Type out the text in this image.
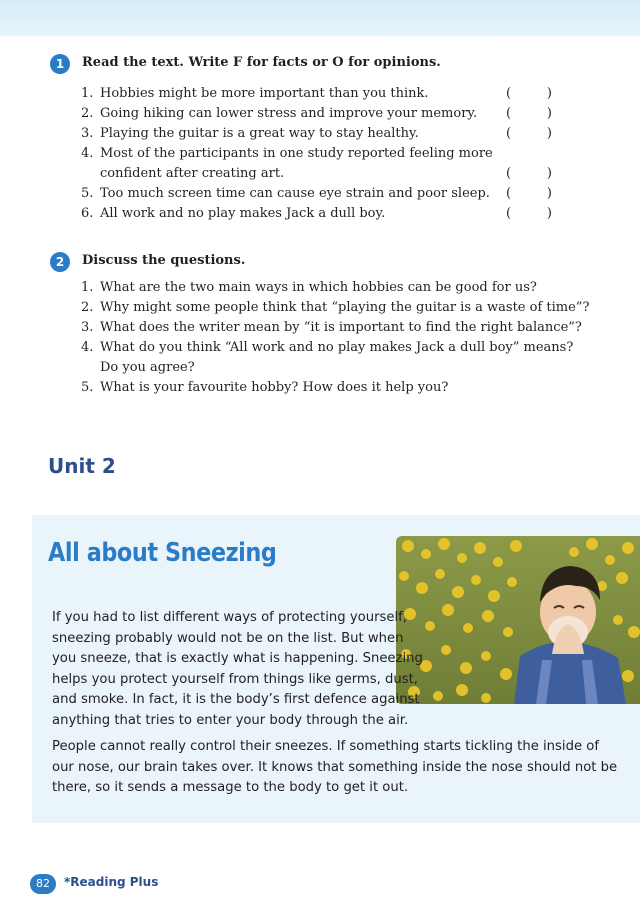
1	Read the text. Write F for facts or O for opinions.
1. Hobbies might be more important than you think.	(	)
2. Going hiking can lower stress and improve your memory. (	)
3. Playing the guitar is a great way to stay healthy.	(	)
4. Most of the participants in one study reported feeling more
confident after creating art.	(	)
5. Too much screen time can cause eye strain and poor sleep. (	)
6. All work and no play makes Jack a dull boy.	(	)
2	Discuss the questions.
1. What are the two main ways in which hobbies can be good for us?
2. Why might some people think that “playing the guitar is a waste of time”?
3. What does the writer mean by “it is important to find the right balance”?
4. What do you think “All work and no play makes Jack a dull boy” means?
Do you agree?
5. What is your favourite hobby? How does it help you?
Unit 2
All about Sneezing
If you had to list different ways of protecting yourself,
sneezing probably would not be on the list. But when
you sneeze, that is exactly what is happening. Sneezing
helps you protect yourself from things like germs, dust,
and smoke. In fact, it is the body’s first defence against
anything that tries to enter your body through the air.
People cannot really control their sneezes. If something starts tickling the inside of
our nose, our brain takes over. It knows that something inside the nose should not be
there, so it sends a message to the body to get it out.
82	*Reading Plus
